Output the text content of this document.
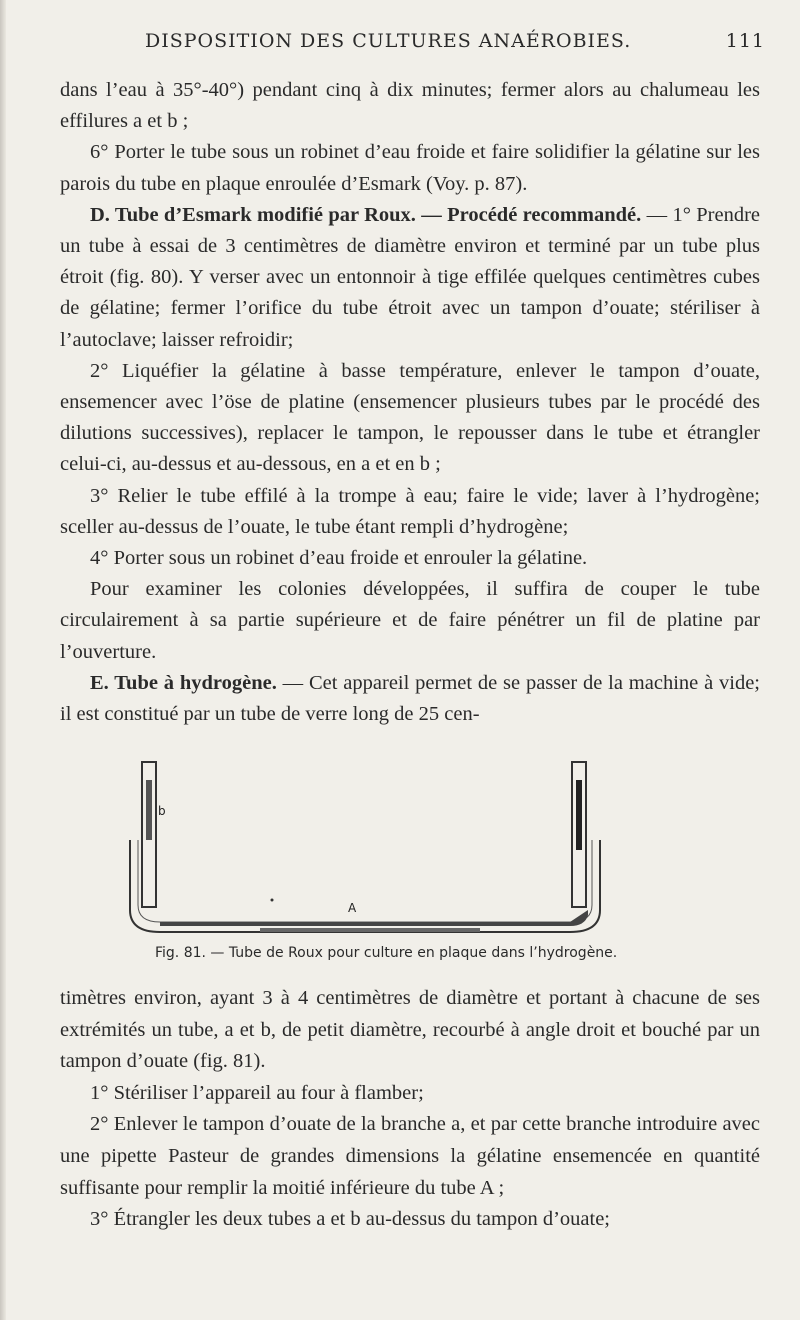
DISPOSITION DES CULTURES ANAÉROBIES.	111

dans l’eau à 35°-40°) pendant cinq à dix minutes; fermer alors au chalumeau les effilures a et b ;

6° Porter le tube sous un robinet d’eau froide et faire solidifier la gélatine sur les parois du tube en plaque enroulée d’Esmark (Voy. p. 87).

D. Tube d’Esmark modifié par Roux. — Procédé recommandé. — 1° Prendre un tube à essai de 3 centimètres de diamètre environ et terminé par un tube plus étroit (fig. 80). Y verser avec un entonnoir à tige effilée quelques centimètres cubes de gélatine; fermer l’orifice du tube étroit avec un tampon d’ouate; stériliser à l’autoclave; laisser refroidir;

2° Liquéfier la gélatine à basse température, enlever le tampon d’ouate, ensemencer avec l’öse de platine (ensemencer plusieurs tubes par le procédé des dilutions successives), replacer le tampon, le repousser dans le tube et étrangler celui-ci, au-dessus et au-dessous, en a et en b ;

3° Relier le tube effilé à la trompe à eau; faire le vide; laver à l’hydrogène; sceller au-dessus de l’ouate, le tube étant rempli d’hydrogène;

4° Porter sous un robinet d’eau froide et enrouler la gélatine.

Pour examiner les colonies développées, il suffira de couper le tube circulairement à sa partie supérieure et de faire pénétrer un fil de platine par l’ouverture.

E. Tube à hydrogène. — Cet appareil permet de se passer de la machine à vide; il est constitué par un tube de verre long de 25 cen-

b
A
Fig. 81. — Tube de Roux pour culture en plaque dans l’hydrogène.

timètres environ, ayant 3 à 4 centimètres de diamètre et portant à chacune de ses extrémités un tube, a et b, de petit diamètre, recourbé à angle droit et bouché par un tampon d’ouate (fig. 81).

1° Stériliser l’appareil au four à flamber;

2° Enlever le tampon d’ouate de la branche a, et par cette branche introduire avec une pipette Pasteur de grandes dimensions la gélatine ensemencée en quantité suffisante pour remplir la moitié inférieure du tube A ;

3° Étrangler les deux tubes a et b au-dessus du tampon d’ouate;
